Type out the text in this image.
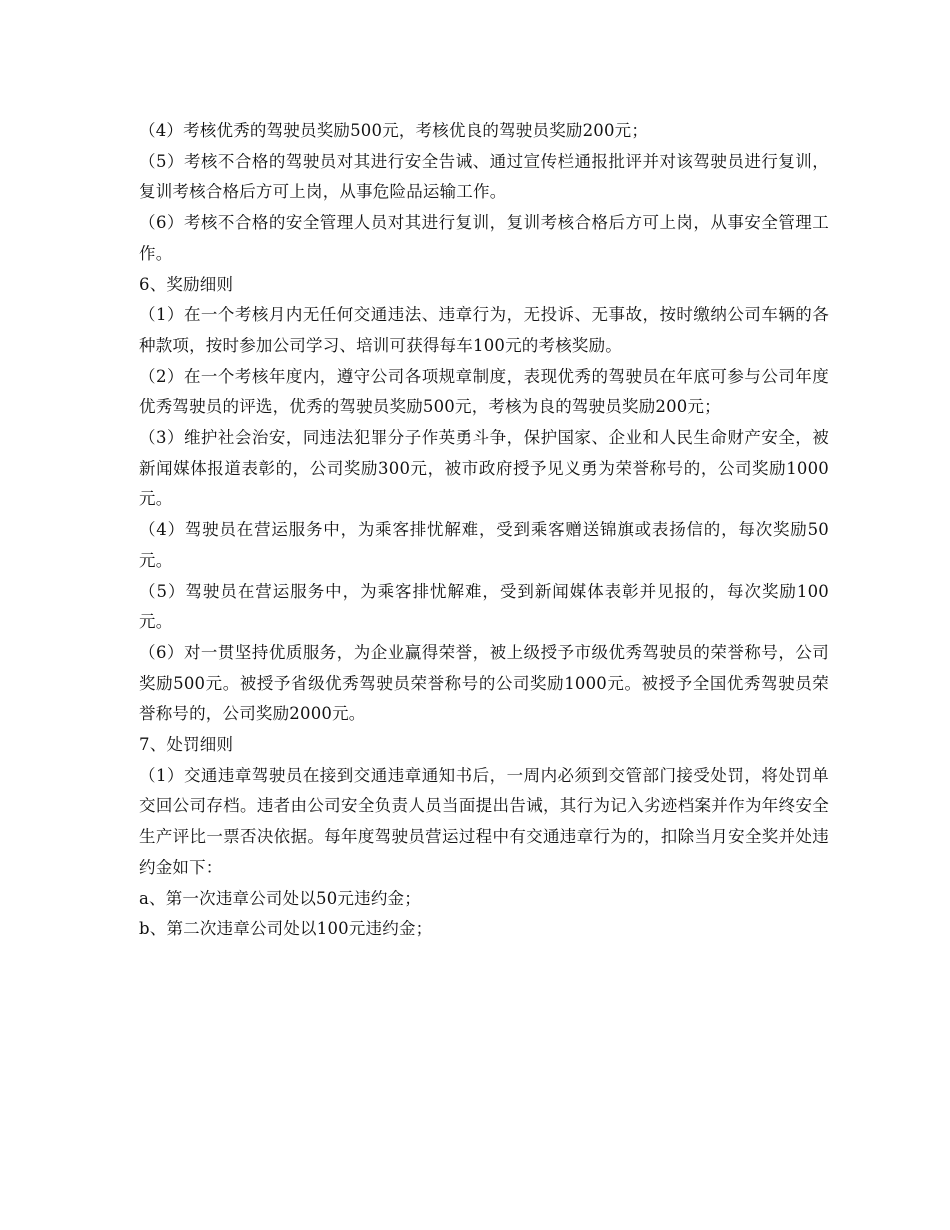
（4）考核优秀的驾驶员奖励500元，考核优良的驾驶员奖励200元；

（5）考核不合格的驾驶员对其进行安全告诫、通过宣传栏通报批评并对该驾驶员进行复训，复训考核合格后方可上岗，从事危险品运输工作。

（6）考核不合格的安全管理人员对其进行复训，复训考核合格后方可上岗，从事安全管理工作。

6、奖励细则

（1）在一个考核月内无任何交通违法、违章行为，无投诉、无事故，按时缴纳公司车辆的各种款项，按时参加公司学习、培训可获得每车100元的考核奖励。

（2）在一个考核年度内，遵守公司各项规章制度，表现优秀的驾驶员在年底可参与公司年度优秀驾驶员的评选，优秀的驾驶员奖励500元，考核为良的驾驶员奖励200元；

（3）维护社会治安，同违法犯罪分子作英勇斗争，保护国家、企业和人民生命财产安全，被新闻媒体报道表彰的，公司奖励300元，被市政府授予见义勇为荣誉称号的，公司奖励1000元。

（4）驾驶员在营运服务中，为乘客排忧解难，受到乘客赠送锦旗或表扬信的，每次奖励50元。

（5）驾驶员在营运服务中，为乘客排忧解难，受到新闻媒体表彰并见报的，每次奖励100元。

（6）对一贯坚持优质服务，为企业赢得荣誉，被上级授予市级优秀驾驶员的荣誉称号，公司奖励500元。被授予省级优秀驾驶员荣誉称号的公司奖励1000元。被授予全国优秀驾驶员荣誉称号的，公司奖励2000元。

7、处罚细则

（1）交通违章驾驶员在接到交通违章通知书后，一周内必须到交管部门接受处罚，将处罚单交回公司存档。违者由公司安全负责人员当面提出告诫，其行为记入劣迹档案并作为年终安全生产评比一票否决依据。每年度驾驶员营运过程中有交通违章行为的，扣除当月安全奖并处违约金如下：

a、第一次违章公司处以50元违约金；

b、第二次违章公司处以100元违约金；
